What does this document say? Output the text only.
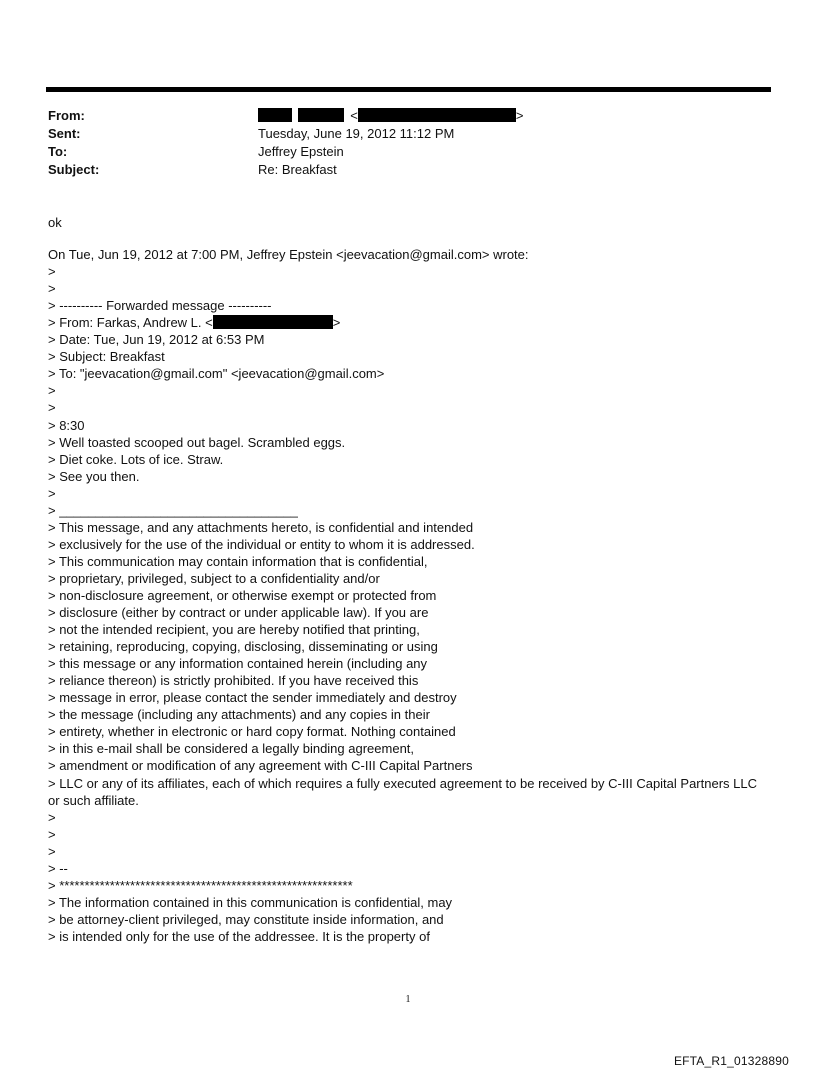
From:	<	>
Sent:	Tuesday, June 19, 2012 11:12 PM
To:	Jeffrey Epstein
Subject:	Re: Breakfast
ok
On Tue, Jun 19, 2012 at 7:00 PM, Jeffrey Epstein <jeevacation@gmail.com> wrote:
>
>
> ---------- Forwarded message ----------
> From: Farkas, Andrew L. <	>
> Date: Tue, Jun 19, 2012 at 6:53 PM
> Subject: Breakfast
> To: "jeevacation@gmail.com" <jeevacation@gmail.com>
>
>
> 8:30
> Well toasted scooped out bagel. Scrambled eggs.
> Diet coke. Lots of ice. Straw.
> See you then.
>
> _________________________________
> This message, and any attachments hereto, is confidential and intended
> exclusively for the use of the individual or entity to whom it is addressed.
> This communication may contain information that is confidential,
> proprietary, privileged, subject to a confidentiality and/or
> non-disclosure agreement, or otherwise exempt or protected from
> disclosure (either by contract or under applicable law). If you are
> not the intended recipient, you are hereby notified that printing,
> retaining, reproducing, copying, disclosing, disseminating or using
> this message or any information contained herein (including any
> reliance thereon) is strictly prohibited. If you have received this
> message in error, please contact the sender immediately and destroy
> the message (including any attachments) and any copies in their
> entirety, whether in electronic or hard copy format. Nothing contained
> in this e-mail shall be considered a legally binding agreement,
> amendment or modification of any agreement with C-III Capital Partners
> LLC or any of its affiliates, each of which requires a fully executed agreement to be received by C-III Capital Partners LLC or such affiliate.
>
>
>
> --
> **********************************************************
> The information contained in this communication is confidential, may
> be attorney-client privileged, may constitute inside information, and
> is intended only for the use of the addressee. It is the property of
1
EFTA_R1_01328890
